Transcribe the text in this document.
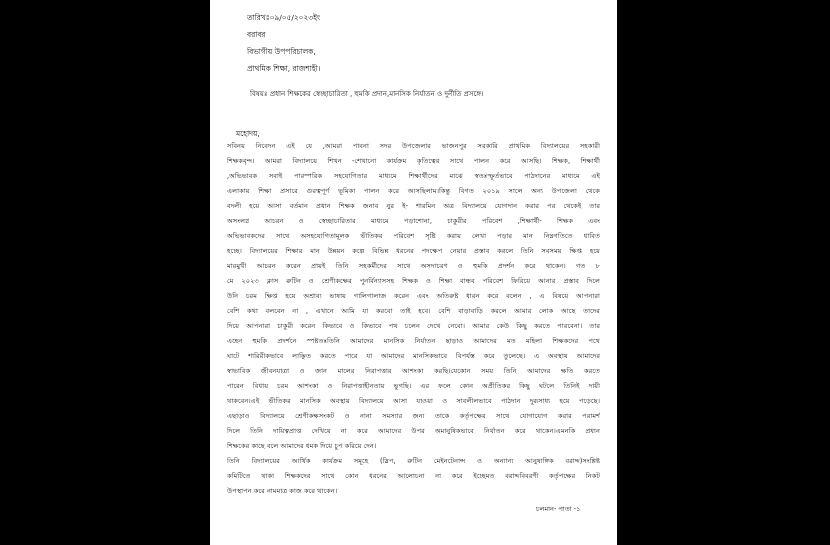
তারিখঃ০৯/০৫/২০২৩ইং
বরাবর
বিভাগীয় উপপরিচালক,
প্রাথমিক শিক্ষা, রাজশাহী।
বিষয়ঃ প্রধান শিক্ষকের স্বেচ্ছাচারিতা , হুমকি প্রদান,মানসিক নির্যাতন ও দুর্নীতি প্রসঙ্গে।
মহোদয়,
সবিনয় নিবেদন এই যে ,আমরা পাবনা সদর উপজেলার ভাজনপুর সরকারি প্রাথমিক বিদ্যালয়ের সহকারী
শিক্ষকবৃন্দ। আমরা বিদ্যালয়ে শিখন -শেখানো কার্যক্রম কৃতিত্বের সাথে পালন করে আসছি। শিক্ষক, শিক্ষার্থী
,অভিভাবক সবাই পারস্পরিক সহযোগিতার মাধ্যমে শিক্ষার্থীদের মাঝে স্বতঃস্ফূর্তভাবে পাঠদানের মাধ্যমে এই
এলাকায় শিক্ষা প্রসারে গুরত্বপূর্ণ ভূমিকা পালন করে আসছিলাম।কিন্তু বিগত ২০১৯ সালে অন্য উপজেলা থেকে
বদলী হয়ে আসা বর্তমান প্রধান শিক্ষক জনাব নুর ই- শারমিন অত্র বিদ্যালয়ে যোগদান করার পর থেকেই তার
অসংলগ্ন আচরন ও স্বেচ্ছাচারিতার মাধ্যমে পড়াশোনা, চাকুরীর পরিবেশ ,শিক্ষার্থী- শিক্ষক এবং
অভিভাবকদের সাথে অসহযোগিতামূলক ভীতিকর পরিবেশ সৃষ্টি করায় লেখা পড়ার মান নিম্নগতিতে ধাবিত
হচ্ছে। বিদ্যালয়ের শিক্ষার মান উন্নয়ন কল্পে বিভিন্ন ধরনের পদক্ষেপ নেয়ার প্রস্তাব করলে তিনি সবসময় ক্ষিপ্ত হয়ে
মারমুখী আচরন করেন প্রায়ই তিনি সহকর্মীদের সাথে অসদাচরণ ও হুমকি প্রদর্শন করে থাকেন। গত ৮
মে ২০২৩ ক্লাস রুটিন ও শ্রেণীকক্ষের পুনর্বিন্যাসসহ শিক্ষক ও শিক্ষা বান্ধব পরিবেশ ফিরিয়ে আনার প্রস্তাব দিলে
উনি চরম ক্ষিপ্ত হয়ে অশ্রাব্য ভাষায় গালিগালাজ করেন এবং অতিরুষ্ট ধারন করে বলেন , এ বিষয়ে আপনারা
বেশি কথা বলবেন না , এখানে আমি যা করবো তাই হবে। বেশি বাড়াবাড়ি করলে আমার লোক আছে তাদের
দিয়ে আপনারা চাকুরী করেন কিভাবে ও কিভাবে পথ চলেন দেখে নেবো। আমার কেউ কিছু করতে পারবেনা। তার
এহেন হুমকি প্রদর্শনে স্পষ্টতঃতিনি আমাদের মানসিক নির্যাতন ছাড়াও আমাদের মত মহিলা শিক্ষকদের পথে
ঘাটে শারিরীকভাবে লাঞ্ছিত করতে পারে যা আমাদের মানসিকভাবে বিপর্যস্ত করে তুলেছে। এ অবস্থায় আমাদের
স্বাভাবিক জীবনযাত্রা ও জান মালের নিরাপত্তার আশংকা করছি।যেকোন সময় তিনি আমাদের ক্ষতি করতে
পারেন বিধায় চরম আশংকা ও নিরাপত্তাহীনতায় ভুগছি। এর ফলে কোন অপ্রীতিকর কিছু ঘটলে তিনিই দায়ী
থাকবেন।এই ভীতিকর মানসিক অবস্থায় বিদ্যালয়ে আসা যাওয়া ও সাবলীলভাবে পাঠদান দুরূসাধ্য হয়ে পড়েছে।
এছাড়াও বিদ্যালয়ে শ্রেণীকক্ষসংকট ও নানা সমস্যার জন্য তাকে কর্তৃপক্ষের সাথে যোগাযোগ করার পরামর্শ
দিলে তিনি দায়িত্বপ্রাপ্ত দেখিয়ে না করে আমাদের উপর অমানুষিকভাবে নির্যাতন করে থাকেন।এমনকি প্রধান
শিক্ষকের কাছে বলে আমাদের ধমক দিয়ে চুপ করিয়ে দেন।
তিনি বিদ্যালয়ের আর্থিক কার্যক্রম সমূহে (স্লিপ, রুটিন মেইনটেনান্স ও অন্যান্য আনুষাঙ্গিক বরাদ্দ)সংশ্লিষ্ট
কমিটিতে থাকা শিক্ষকদের সাথে কোন ধরনের আলোচনা না করে ইচ্ছেমত বরাদ্দবিবরণী কর্তৃপক্ষের নিকট
উপস্থাপন করে নামমাত্র কাজ করে থাকেন।
চলমান- পাতা -১
